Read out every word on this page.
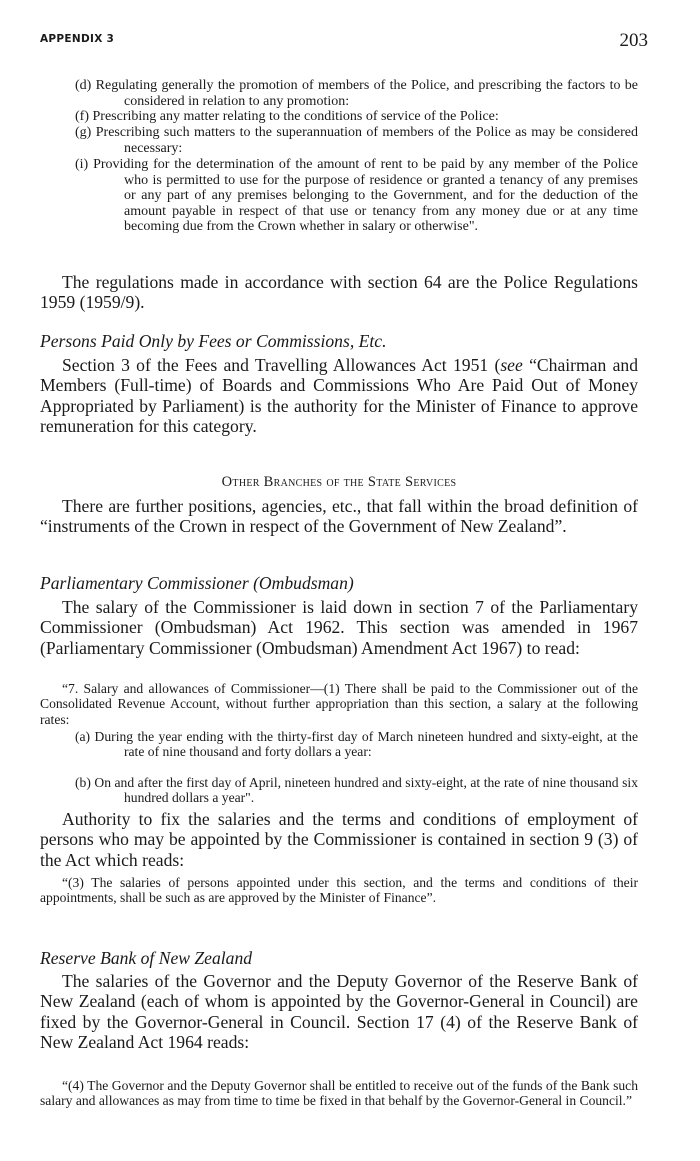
APPENDIX 3	203
(d) Regulating generally the promotion of members of the Police, and prescribing the factors to be considered in relation to any promotion:
(f) Prescribing any matter relating to the conditions of service of the Police:
(g) Prescribing such matters to the superannuation of members of the Police as may be considered necessary:
(i) Providing for the determination of the amount of rent to be paid by any member of the Police who is permitted to use for the purpose of residence or granted a tenancy of any premises or any part of any premises belonging to the Government, and for the deduction of the amount payable in respect of that use or tenancy from any money due or at any time becoming due from the Crown whether in salary or otherwise".

The regulations made in accordance with section 64 are the Police Regulations 1959 (1959/9).

Persons Paid Only by Fees or Commissions, Etc.

Section 3 of the Fees and Travelling Allowances Act 1951 (see “Chairman and Members (Full-time) of Boards and Commissions Who Are Paid Out of Money Appropriated by Parliament) is the authority for the Minister of Finance to approve remuneration for this category.

Other Branches of the State Services

There are further positions, agencies, etc., that fall within the broad definition of “instruments of the Crown in respect of the Government of New Zealand”.

Parliamentary Commissioner (Ombudsman)

The salary of the Commissioner is laid down in section 7 of the Parliamentary Commissioner (Ombudsman) Act 1962. This section was amended in 1967 (Parliamentary Commissioner (Ombudsman) Amendment Act 1967) to read:

“7. Salary and allowances of Commissioner—(1) There shall be paid to the Commissioner out of the Consolidated Revenue Account, without further appropriation than this section, a salary at the following rates:

(a) During the year ending with the thirty-first day of March nineteen hundred and sixty-eight, at the rate of nine thousand and forty dollars a year:
(b) On and after the first day of April, nineteen hundred and sixty-eight, at the rate of nine thousand six hundred dollars a year".

Authority to fix the salaries and the terms and conditions of employment of persons who may be appointed by the Commissioner is contained in section 9 (3) of the Act which reads:

“(3) The salaries of persons appointed under this section, and the terms and conditions of their appointments, shall be such as are approved by the Minister of Finance”.

Reserve Bank of New Zealand

The salaries of the Governor and the Deputy Governor of the Reserve Bank of New Zealand (each of whom is appointed by the Governor-General in Council) are fixed by the Governor-General in Council. Section 17 (4) of the Reserve Bank of New Zealand Act 1964 reads:

“(4) The Governor and the Deputy Governor shall be entitled to receive out of the funds of the Bank such salary and allowances as may from time to time be fixed in that behalf by the Governor-General in Council.”
